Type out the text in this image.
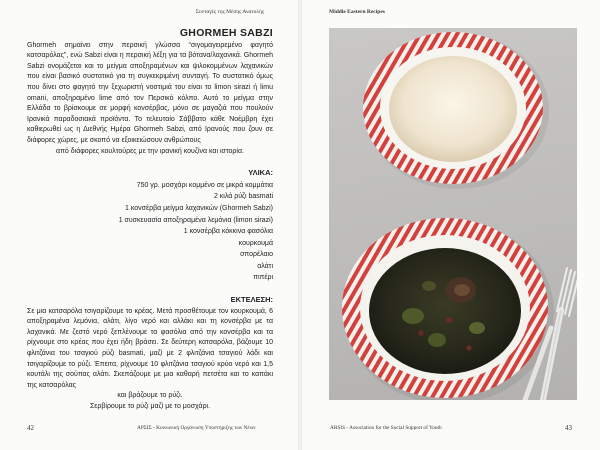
Συνταγές της Μέσης Ανατολής
GHORMEH SABZI

Ghormeh σημαίνει στην περσική γλώσσα “σιγομαγειρεμένο φαγητό κατσαρόλας”, ενώ Sabzi είναι η περσική λέξη για τα βότανα/λαχανικά. Ghormeh Sabzi ονομάζεται και το μείγμα αποξηραμένων και ψιλοκομμένων λαχανικών που είναι βασικό συστατικό για τη συγκεκριμένη συνταγή. Το συστατικό όμως που δίνει στο φαγητό την ξεχωριστή νοστιμιά του είναι το limon sirazi ή limu omani, αποξηραμένο lime από τον Περσικό κόλπο. Αυτό το μείγμα στην Ελλάδα το βρίσκουμε σε μορφή κονσέρβας, μόνο σε μαγαζιά που πουλούν Ιρανικά παραδοσιακά προϊόντα. Το τελευταίο Σάββατο κάθε Νοέμβρη έχει καθιερωθεί ως η Διεθνής Ημέρα Ghormeh Sabzi, από Ιρανούς που ζουν σε διάφορες χώρες, με σκοπό να εξοικειώσουν ανθρώπους
από διάφορες κουλτούρες με την ιρανική κουζίνα και ιστορία.

ΥΛΙΚΑ:
750 γρ. μοσχάρι κομμένο σε μικρά κομμάτια
2 κιλά ρύζι basmati
1 κονσέρβα μείγμα λαχανικών (Ghormeh Sabzi)
1 συσκευασία αποξηραμένα λεμόνια (limon sirazi)
1 κονσέρβα κόκκινα φασόλια
κουρκουμά
σπορέλαιο
αλάτι
πιπέρι
ΕΚΤΕΛΕΣΗ:

Σε μια κατσαρόλα τσιγαρίζουμε το κρέας. Μετά προσθέτουμε τον κουρκουμά, 6 αποξηραμένα λεμόνια, αλάτι, λίγο νερό και αλλάκι και τη κονσέρβα με τα λαχανικά. Με ζεστό νερό ξεπλένουμε τα φασόλια από την κονσέρβα και τα ρίχνουμε στο κρέας που έχει ήδη βράσει. Σε δεύτερη κατσαρόλα, βάζουμε 10 φλιτζάνια του τσαγιού ρύζι basmati, μαζί με 2 φλιτζάνια τσαγιού λάδι και τσιγαρίζουμε το ρύζι. Έπειτα, ρίχνουμε 10 φλιτζάνια τσαγιού κρύο νερό και 1,5 κουτάλι της σούπας αλάτι. Σκεπάζουμε με μια καθαρή πετσέτα και το καπάκι της κατσαρόλας
και βράζουμε το ρύζι.
Σερβίρουμε το ρύζι μαζί με το μοσχάρι.

42	ΑΡΣΙΣ - Κοινωνική Οργάνωση Υποστήριξης των Νέων	ARSIS - Association for the Social Support of Youth	43
Middle Eastern Recipes
